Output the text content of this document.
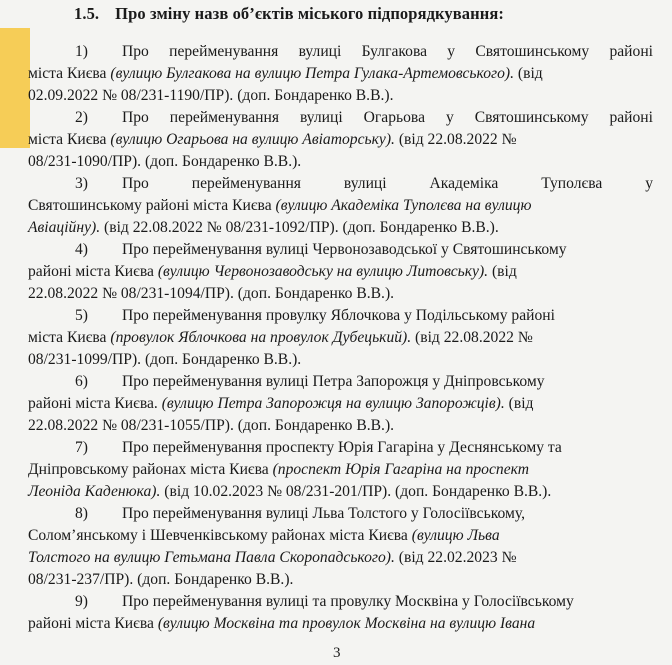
1.5. Про зміну назв об’єктів міського підпорядкування:
1) Про перейменування вулиці Булгакова у Святошинському районі
міста Києва (вулицю Булгакова на вулицю Петра Гулака-Артемовського). (від
02.09.2022 № 08/231-1190/ПР). (доп. Бондаренко В.В.).
2) Про перейменування вулиці Огарьова у Святошинському районі
міста Києва (вулицю Огарьова на вулицю Авіаторську). (від 22.08.2022 №
08/231-1090/ПР). (доп. Бондаренко В.В.).
3) Про перейменування вулиці Академіка Туполєва у
Святошинському районі міста Києва (вулицю Академіка Туполєва на вулицю
Авіаційну). (від 22.08.2022 № 08/231-1092/ПР). (доп. Бондаренко В.В.).
4) Про перейменування вулиці Червонозаводської у Святошинському
районі міста Києва (вулицю Червонозаводську на вулицю Литовську). (від
22.08.2022 № 08/231-1094/ПР). (доп. Бондаренко В.В.).
5) Про перейменування провулку Яблочкова у Подільському районі
міста Києва (провулок Яблочкова на провулок Дубецький). (від 22.08.2022 №
08/231-1099/ПР). (доп. Бондаренко В.В.).
6) Про перейменування вулиці Петра Запорожця у Дніпровському
районі міста Києва. (вулицю Петра Запорожця на вулицю Запорожців). (від
22.08.2022 № 08/231-1055/ПР). (доп. Бондаренко В.В.).
7) Про перейменування проспекту Юрія Гагаріна у Деснянському та
Дніпровському районах міста Києва (проспект Юрія Гагаріна на проспект
Леоніда Каденюка). (від 10.02.2023 № 08/231-201/ПР). (доп. Бондаренко В.В.).
8) Про перейменування вулиці Льва Толстого у Голосіївському,
Солом’янському і Шевченківському районах міста Києва (вулицю Льва
Толстого на вулицю Гетьмана Павла Скоропадського). (від 22.02.2023 №
08/231-237/ПР). (доп. Бондаренко В.В.).
9) Про перейменування вулиці та провулку Москвіна у Голосіївському
районі міста Києва (вулицю Москвіна та провулок Москвіна на вулицю Івана
3
